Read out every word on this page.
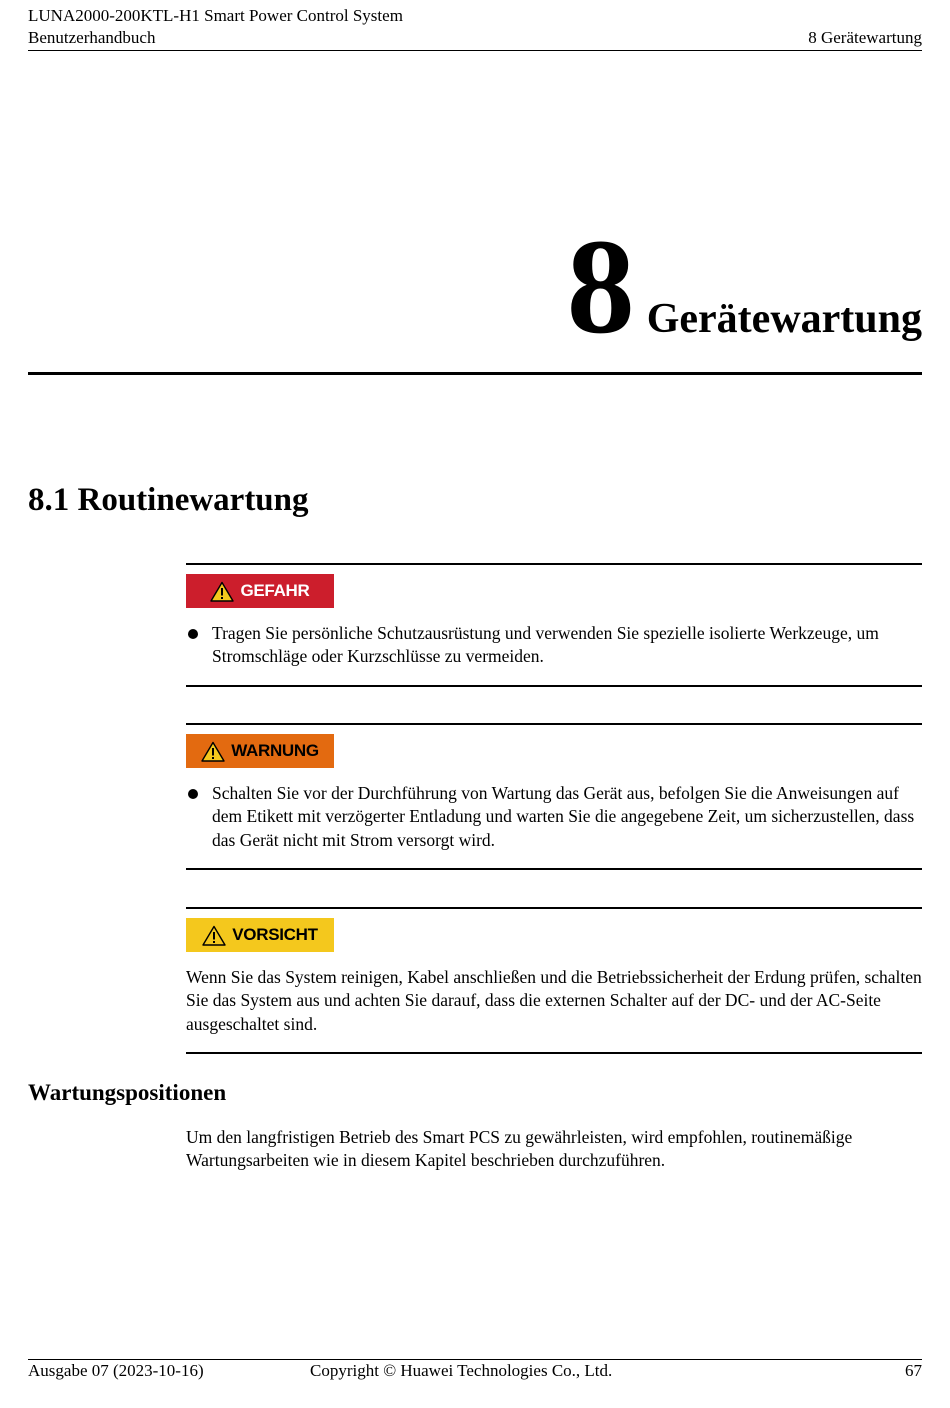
LUNA2000-200KTL-H1 Smart Power Control System
Benutzerhandbuch	8 Gerätewartung
8 Gerätewartung
8.1 Routinewartung
GEFAHR
Tragen Sie persönliche Schutzausrüstung und verwenden Sie spezielle isolierte Werkzeuge, um Stromschläge oder Kurzschlüsse zu vermeiden.
WARNUNG
Schalten Sie vor der Durchführung von Wartung das Gerät aus, befolgen Sie die Anweisungen auf dem Etikett mit verzögerter Entladung und warten Sie die angegebene Zeit, um sicherzustellen, dass das Gerät nicht mit Strom versorgt wird.
VORSICHT
Wenn Sie das System reinigen, Kabel anschließen und die Betriebssicherheit der Erdung prüfen, schalten Sie das System aus und achten Sie darauf, dass die externen Schalter auf der DC- und der AC-Seite ausgeschaltet sind.
Wartungspositionen
Um den langfristigen Betrieb des Smart PCS zu gewährleisten, wird empfohlen, routinemäßige Wartungsarbeiten wie in diesem Kapitel beschrieben durchzuführen.
Ausgabe 07 (2023-10-16)	Copyright © Huawei Technologies Co., Ltd.	67
